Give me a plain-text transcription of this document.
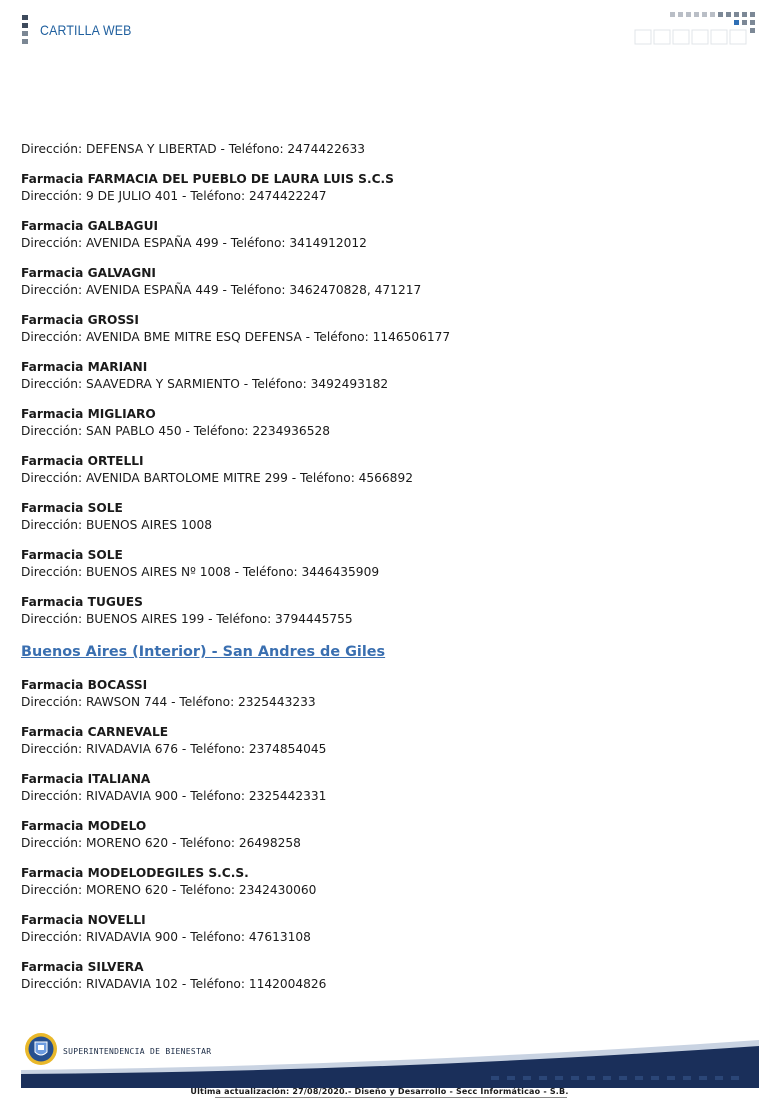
CARTILLA WEB
Dirección: DEFENSA Y LIBERTAD - Teléfono: 2474422633
Farmacia FARMACIA DEL PUEBLO DE LAURA LUIS S.C.S
Dirección: 9 DE JULIO 401 - Teléfono: 2474422247
Farmacia GALBAGUI
Dirección: AVENIDA ESPAÑA 499 - Teléfono: 3414912012
Farmacia GALVAGNI
Dirección: AVENIDA ESPAÑA 449 - Teléfono: 3462470828, 471217
Farmacia GROSSI
Dirección: AVENIDA BME MITRE ESQ DEFENSA - Teléfono: 1146506177
Farmacia MARIANI
Dirección: SAAVEDRA Y SARMIENTO - Teléfono: 3492493182
Farmacia MIGLIARO
Dirección: SAN PABLO 450 - Teléfono: 2234936528
Farmacia ORTELLI
Dirección: AVENIDA BARTOLOME MITRE 299 - Teléfono: 4566892
Farmacia SOLE
Dirección: BUENOS AIRES 1008
Farmacia SOLE
Dirección: BUENOS AIRES Nº 1008 - Teléfono: 3446435909
Farmacia TUGUES
Dirección: BUENOS AIRES 199 - Teléfono: 3794445755
Buenos Aires (Interior) - San Andres de Giles
Farmacia BOCASSI
Dirección: RAWSON 744 - Teléfono: 2325443233
Farmacia CARNEVALE
Dirección: RIVADAVIA 676 - Teléfono: 2374854045
Farmacia ITALIANA
Dirección: RIVADAVIA 900 - Teléfono: 2325442331
Farmacia MODELO
Dirección: MORENO 620 - Teléfono: 26498258
Farmacia MODELODEGILES S.C.S.
Dirección: MORENO 620 - Teléfono: 2342430060
Farmacia NOVELLI
Dirección: RIVADAVIA 900 - Teléfono: 47613108
Farmacia SILVERA
Dirección: RIVADAVIA 102 - Teléfono: 1142004826
SUPERINTENDENCIA DE BIENESTAR
Ultima actualización: 27/08/2020.- Diseño y Desarrollo - Secc Informáticao - S.B.
